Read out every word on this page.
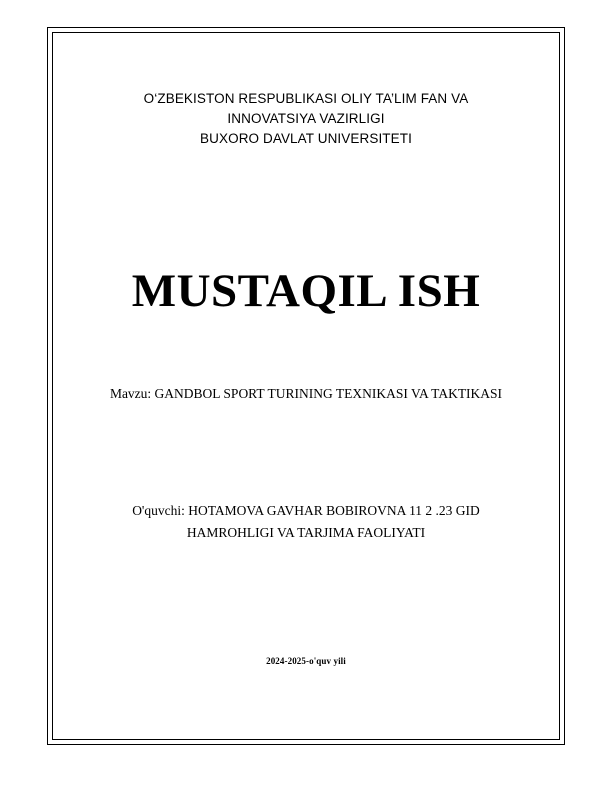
O‘ZBEKISTON RESPUBLIKASI OLIY TA’LIM FAN VA
INNOVATSIYA VAZIRLIGI
BUXORO DAVLAT UNIVERSITETI
MUSTAQIL ISH
Mavzu: GANDBOL SPORT TURINING TEXNIKASI VA TAKTIKASI
O'quvchi: HOTAMOVA GAVHAR BOBIROVNA 11 2 .23 GID
HAMROHLIGI VA TARJIMA FAOLIYATI
2024-2025-o'quv yili
